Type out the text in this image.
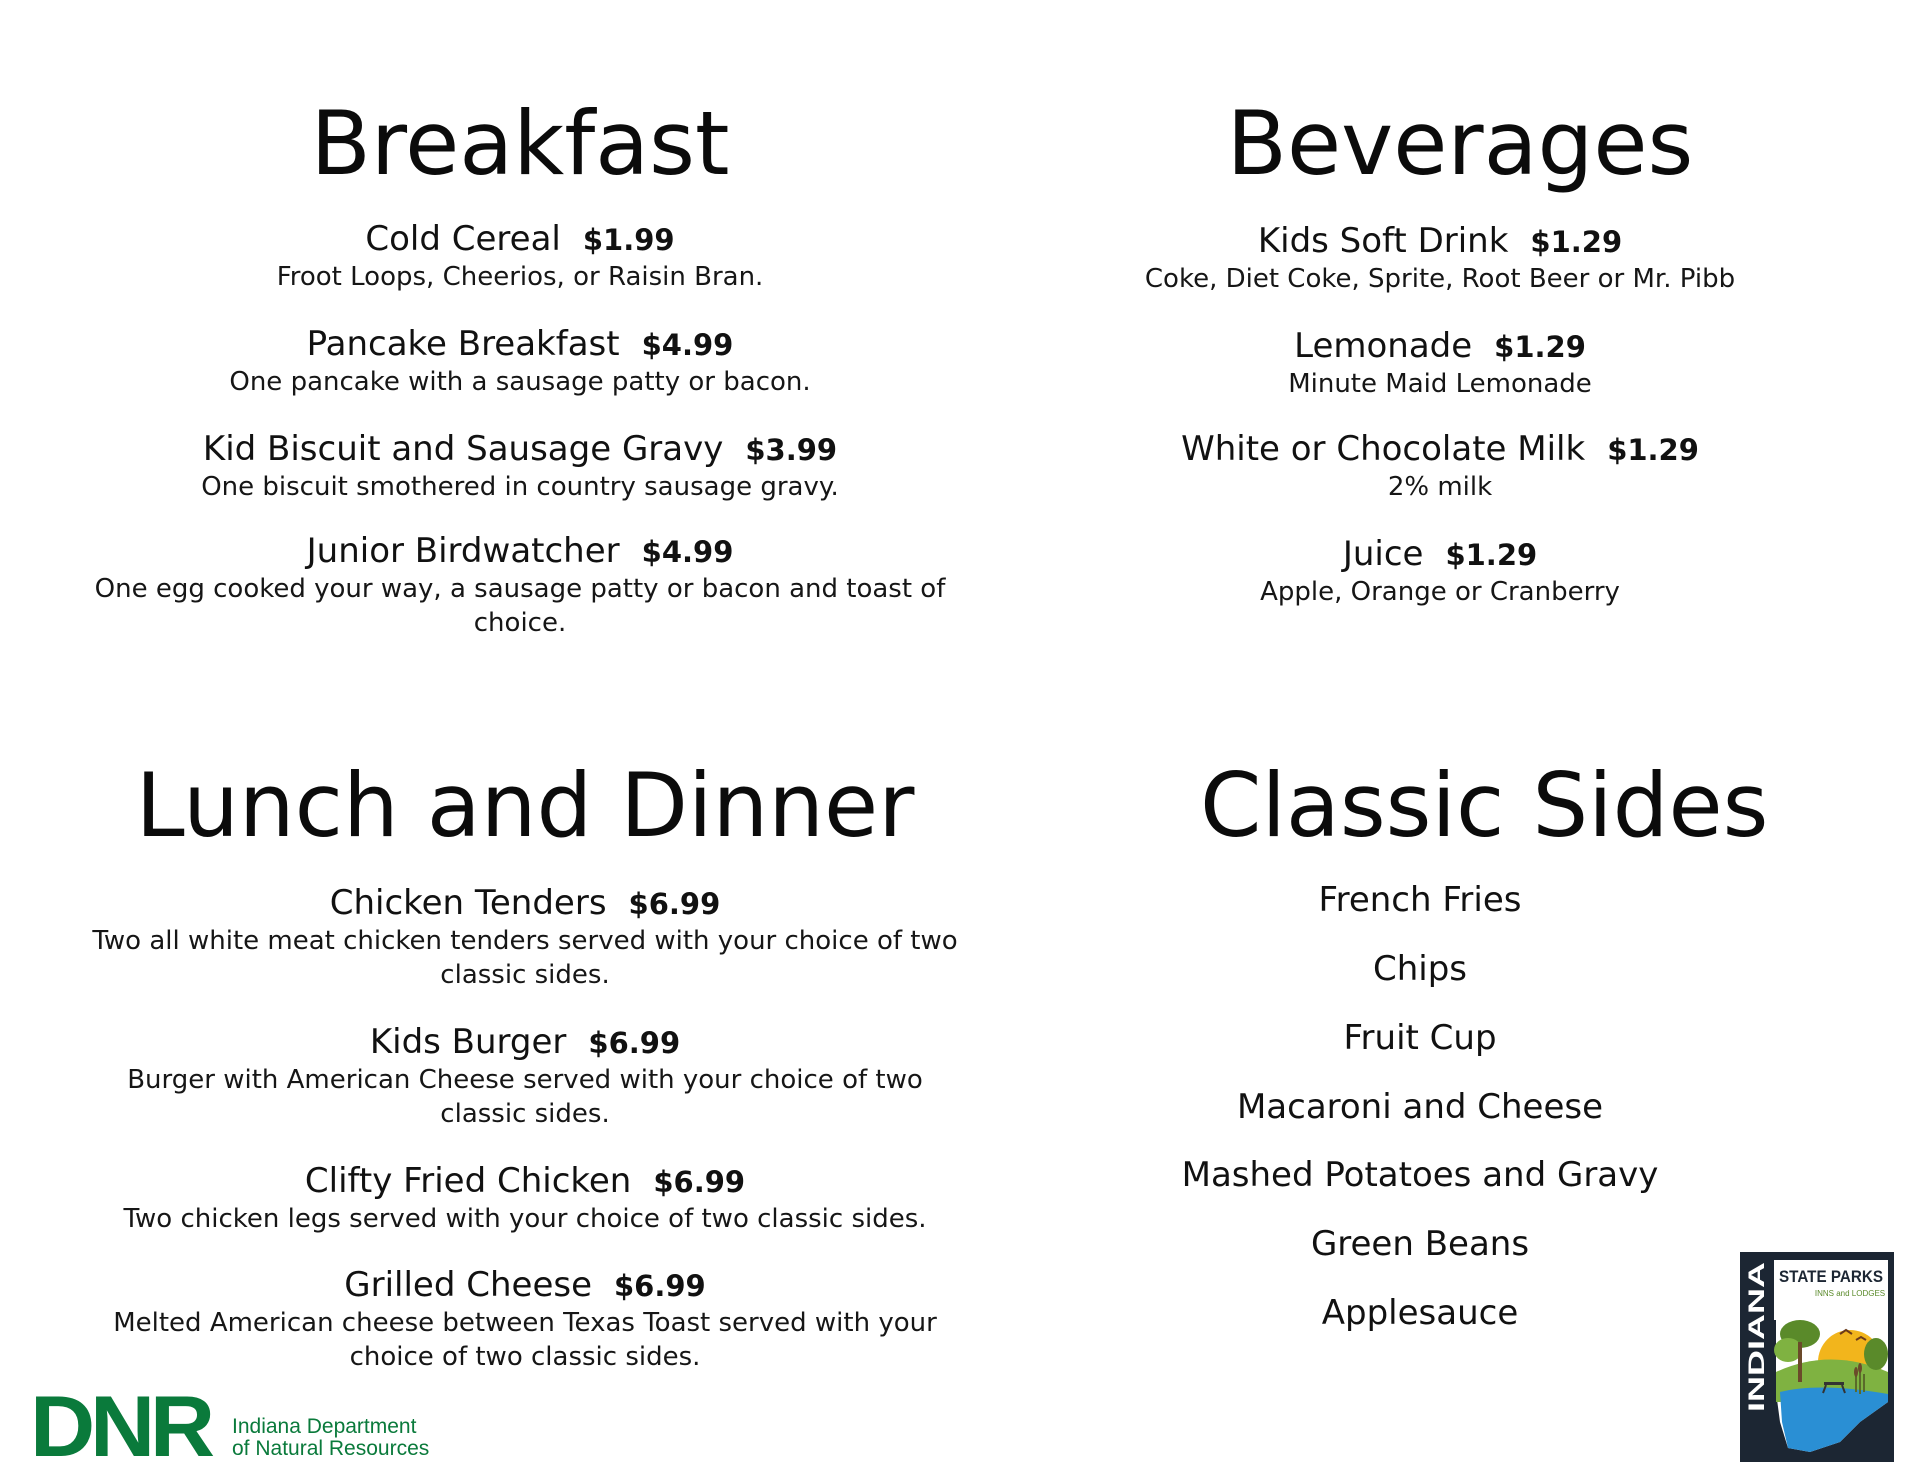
Breakfast
Cold Cereal $1.99
Froot Loops, Cheerios, or Raisin Bran.
Pancake Breakfast $4.99
One pancake with a sausage patty or bacon.
Kid Biscuit and Sausage Gravy $3.99
One biscuit smothered in country sausage gravy.
Junior Birdwatcher $4.99
One egg cooked your way, a sausage patty or bacon and toast of
choice.
Beverages
Kids Soft Drink $1.29
Coke, Diet Coke, Sprite, Root Beer or Mr. Pibb
Lemonade $1.29
Minute Maid Lemonade
White or Chocolate Milk $1.29
2% milk
Juice $1.29
Apple, Orange or Cranberry
Lunch and Dinner
Chicken Tenders $6.99
Two all white meat chicken tenders served with your choice of two
classic sides.
Kids Burger $6.99
Burger with American Cheese served with your choice of two
classic sides.
Clifty Fried Chicken $6.99
Two chicken legs served with your choice of two classic sides.
Grilled Cheese $6.99
Melted American cheese between Texas Toast served with your
choice of two classic sides.
Classic Sides
French Fries
Chips
Fruit Cup
Macaroni and Cheese
Mashed Potatoes and Gravy
Green Beans
Applesauce
DNR Indiana Department
of Natural Resources
STATE PARKS
INNS and LODGES
INDIANA
